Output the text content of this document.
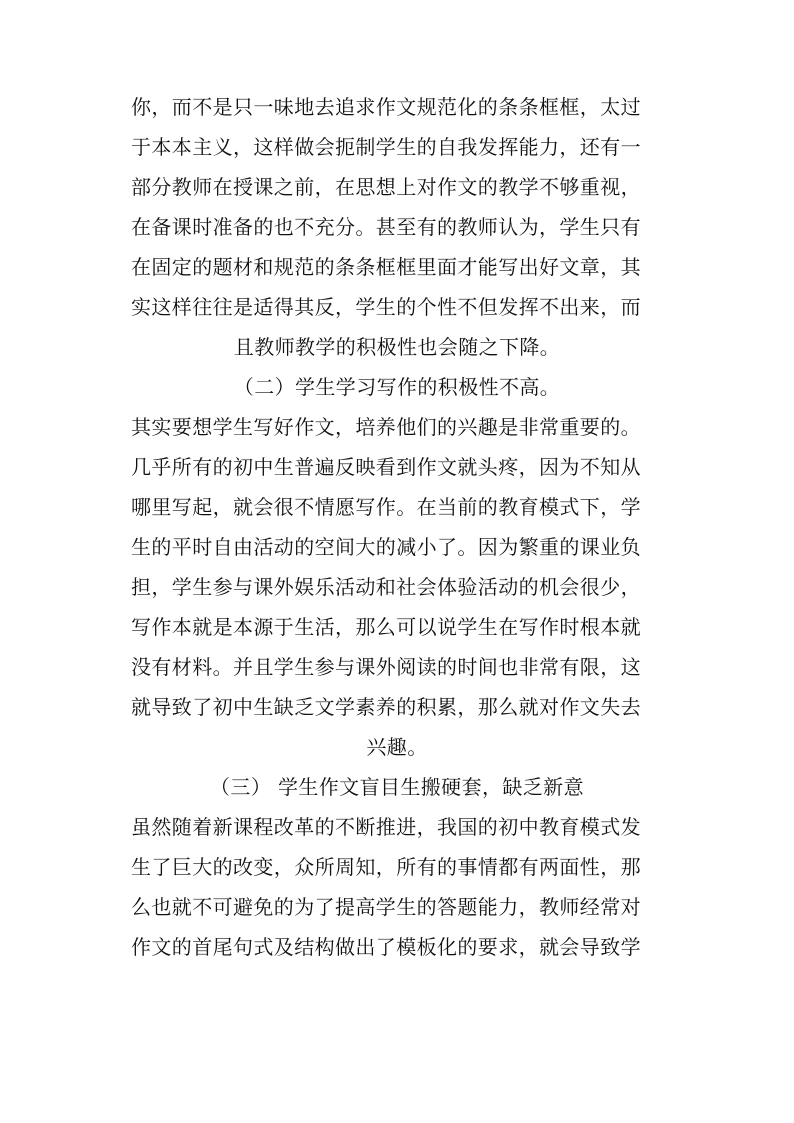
你，而不是只一味地去追求作文规范化的条条框框，太过
于本本主义，这样做会扼制学生的自我发挥能力，还有一
部分教师在授课之前，在思想上对作文的教学不够重视，
在备课时准备的也不充分。甚至有的教师认为，学生只有
在固定的题材和规范的条条框框里面才能写出好文章，其
实这样往往是适得其反，学生的个性不但发挥不出来，而
且教师教学的积极性也会随之下降。
（二）学生学习写作的积极性不高。
其实要想学生写好作文，培养他们的兴趣是非常重要的。
几乎所有的初中生普遍反映看到作文就头疼，因为不知从
哪里写起，就会很不情愿写作。在当前的教育模式下，学
生的平时自由活动的空间大的减小了。因为繁重的课业负
担，学生参与课外娱乐活动和社会体验活动的机会很少，
写作本就是本源于生活，那么可以说学生在写作时根本就
没有材料。并且学生参与课外阅读的时间也非常有限，这
就导致了初中生缺乏文学素养的积累，那么就对作文失去
兴趣。
（三） 学生作文盲目生搬硬套，缺乏新意
虽然随着新课程改革的不断推进，我国的初中教育模式发
生了巨大的改变，众所周知，所有的事情都有两面性，那
么也就不可避免的为了提高学生的答题能力，教师经常对
作文的首尾句式及结构做出了模板化的要求，就会导致学
